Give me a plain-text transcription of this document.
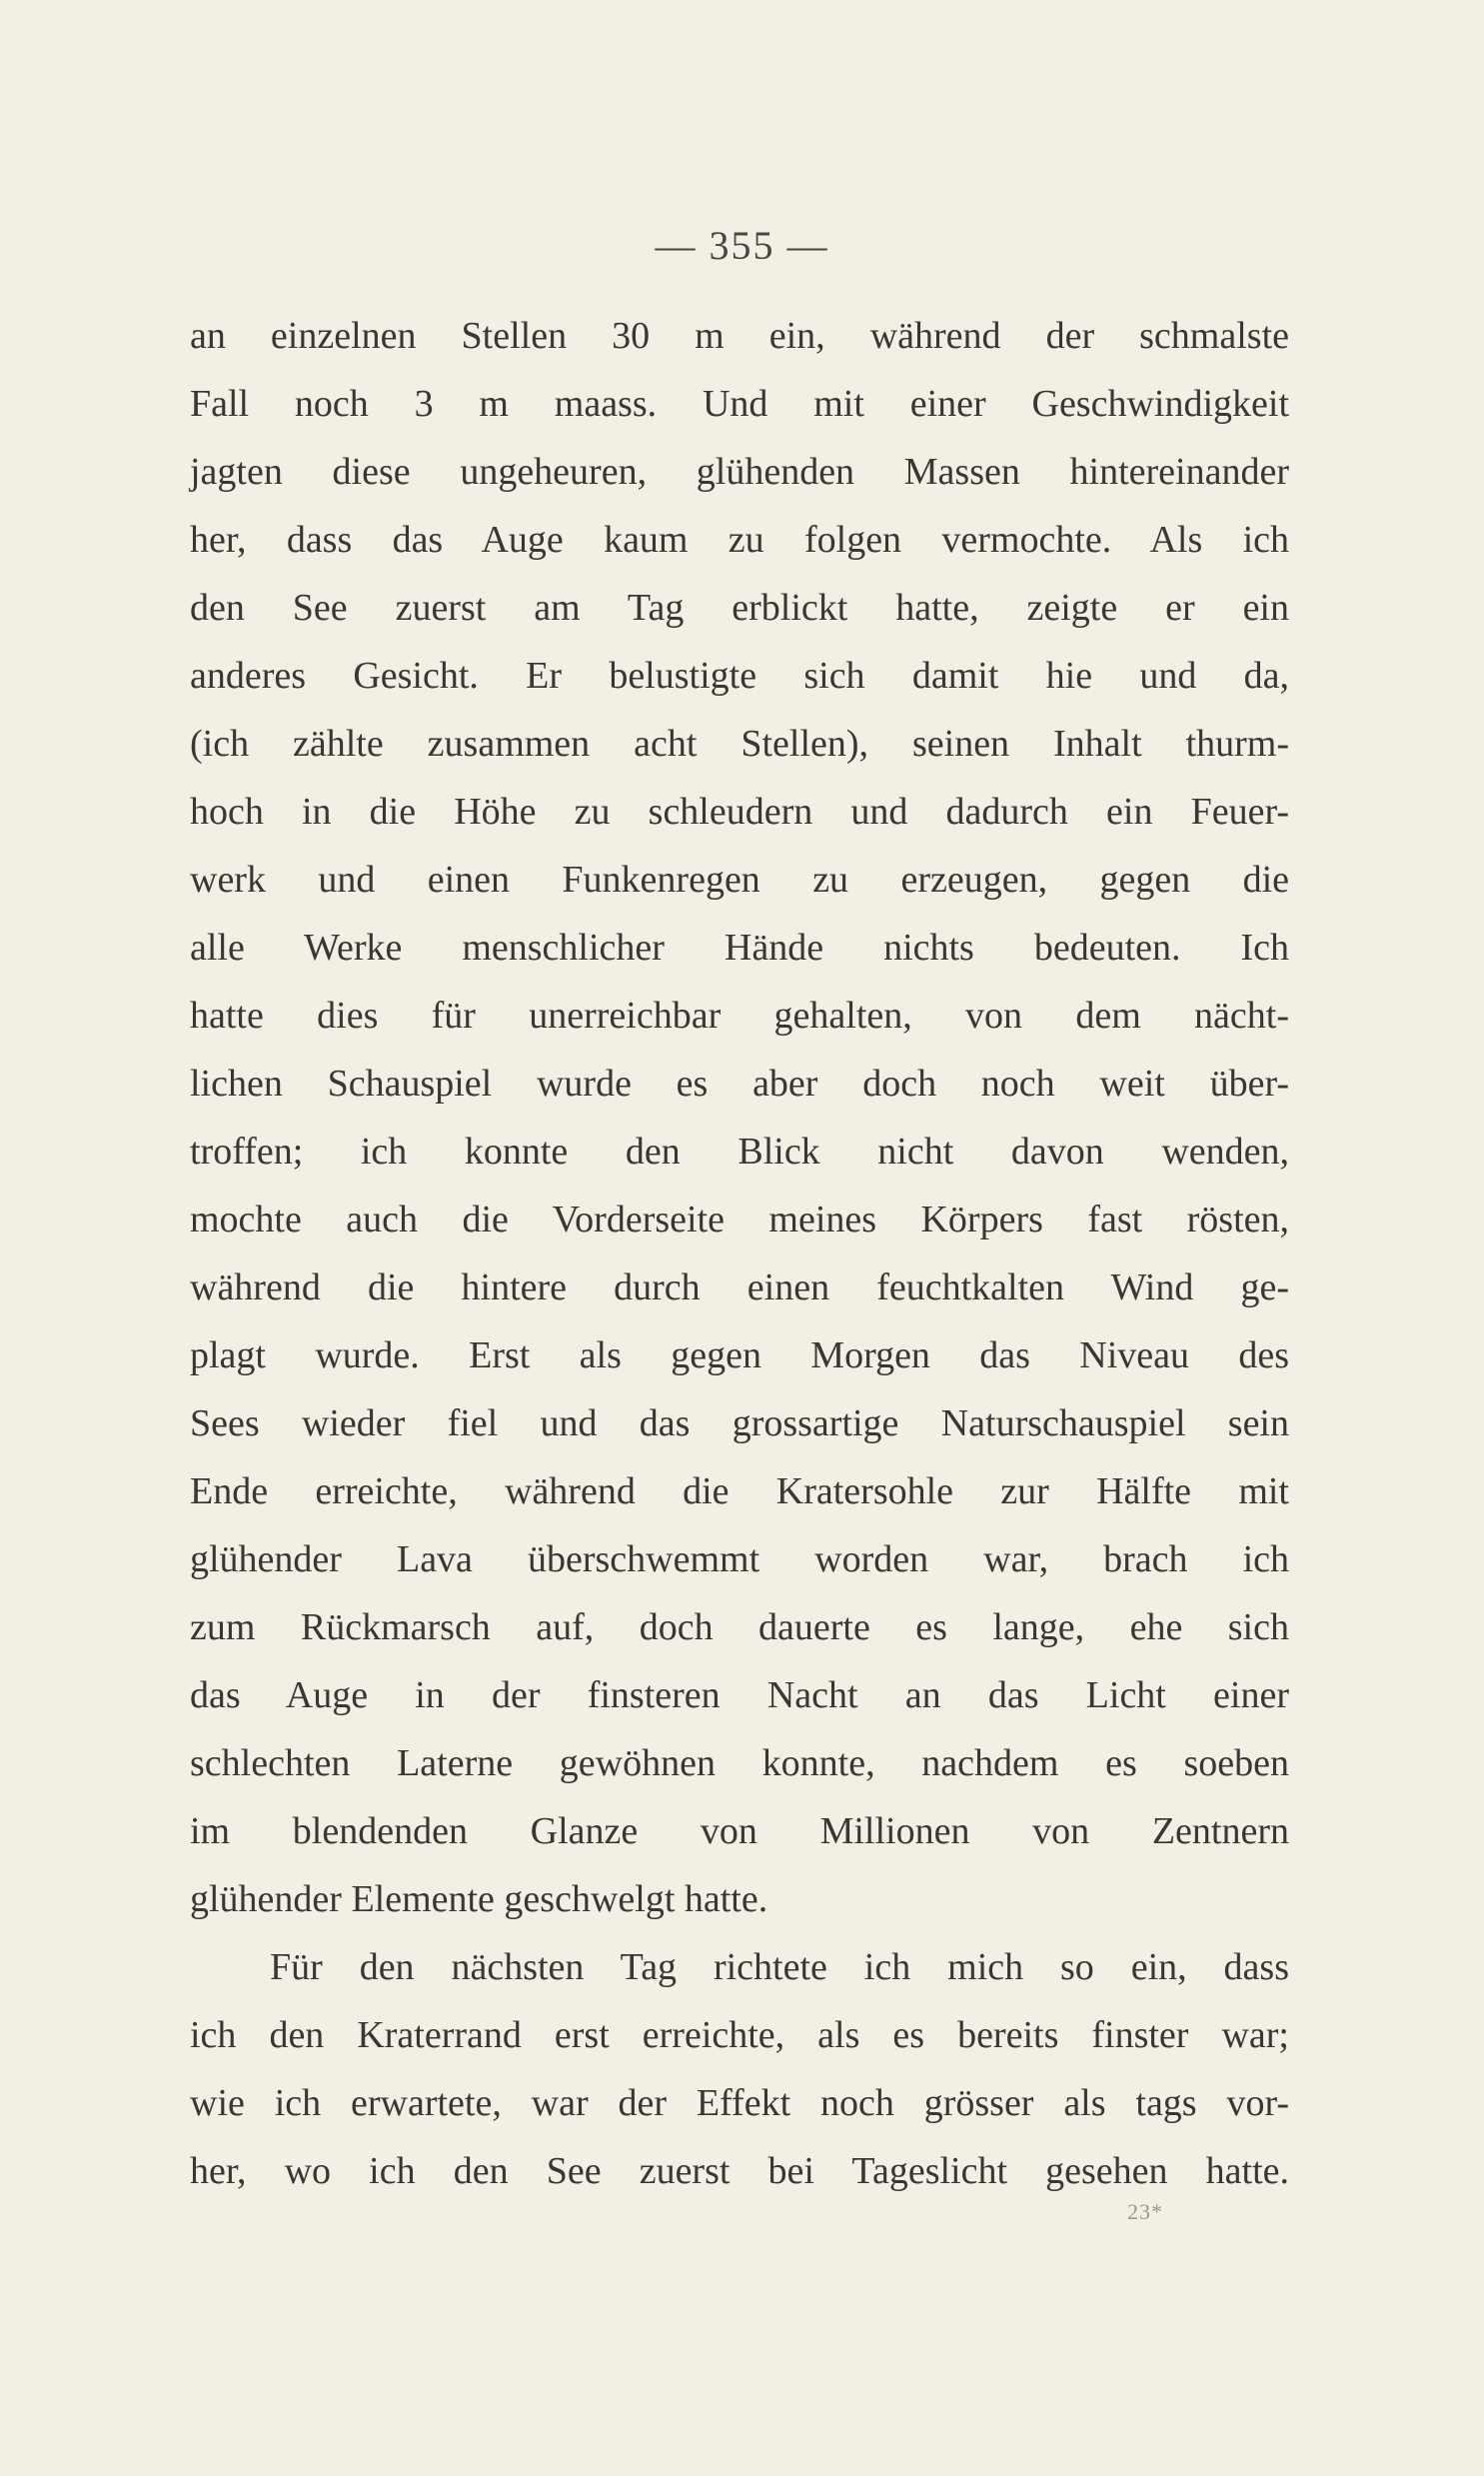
— 355 —
an einzelnen Stellen 30 m ein, während der schmalste
Fall noch 3 m maass. Und mit einer Geschwindigkeit
jagten diese ungeheuren, glühenden Massen hintereinander
her, dass das Auge kaum zu folgen vermochte. Als ich
den See zuerst am Tag erblickt hatte, zeigte er ein
anderes Gesicht. Er belustigte sich damit hie und da,
(ich zählte zusammen acht Stellen), seinen Inhalt thurm-
hoch in die Höhe zu schleudern und dadurch ein Feuer-
werk und einen Funkenregen zu erzeugen, gegen die
alle Werke menschlicher Hände nichts bedeuten. Ich
hatte dies für unerreichbar gehalten, von dem nächt-
lichen Schauspiel wurde es aber doch noch weit über-
troffen; ich konnte den Blick nicht davon wenden,
mochte auch die Vorderseite meines Körpers fast rösten,
während die hintere durch einen feuchtkalten Wind ge-
plagt wurde. Erst als gegen Morgen das Niveau des
Sees wieder fiel und das grossartige Naturschauspiel sein
Ende erreichte, während die Kratersohle zur Hälfte mit
glühender Lava überschwemmt worden war, brach ich
zum Rückmarsch auf, doch dauerte es lange, ehe sich
das Auge in der finsteren Nacht an das Licht einer
schlechten Laterne gewöhnen konnte, nachdem es soeben
im blendenden Glanze von Millionen von Zentnern
glühender Elemente geschwelgt hatte.
Für den nächsten Tag richtete ich mich so ein, dass
ich den Kraterrand erst erreichte, als es bereits finster war;
wie ich erwartete, war der Effekt noch grösser als tags vor-
her, wo ich den See zuerst bei Tageslicht gesehen hatte.
23*
